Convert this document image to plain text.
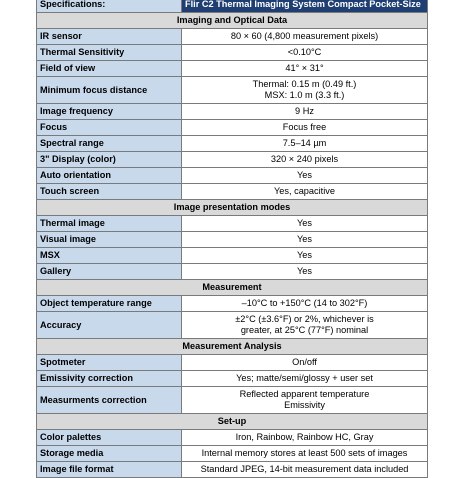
Specifications:	Flir C2 Thermal Imaging System Compact Pocket-Size
Imaging and Optical Data	
IR sensor	80 × 60 (4,800 measurement pixels)

Thermal Sensitivity	<0.10°C

Field of view	41° × 31°

Minimum focus distance	Thermal: 0.15 m (0.49 ft.)
MSX: 1.0 m (3.3 ft.)

Image frequency	9 Hz

Focus	Focus free

Spectral range	7.5–14 µm

3" Display (color)	320 × 240 pixels

Auto orientation	Yes

Touch screen	Yes, capacitive

Image presentation modes	
Thermal image	Yes

Visual image	Yes

MSX	Yes

Gallery	Yes

Measurement	
Object temperature range	–10°C to +150°C (14 to 302°F)

Accuracy	±2°C (±3.6°F) or 2%, whichever is
greater, at 25°C (77°F) nominal

Measurement Analysis	
Spotmeter	On/off

Emissivity correction	Yes; matte/semi/glossy + user set

Measurments correction	Reflected apparent temperature
Emissivity

Set-up	
Color palettes	Iron, Rainbow, Rainbow HC, Gray

Storage media	Internal memory stores at least 500 sets of images

Image file format	Standard JPEG, 14-bit measurement data included
